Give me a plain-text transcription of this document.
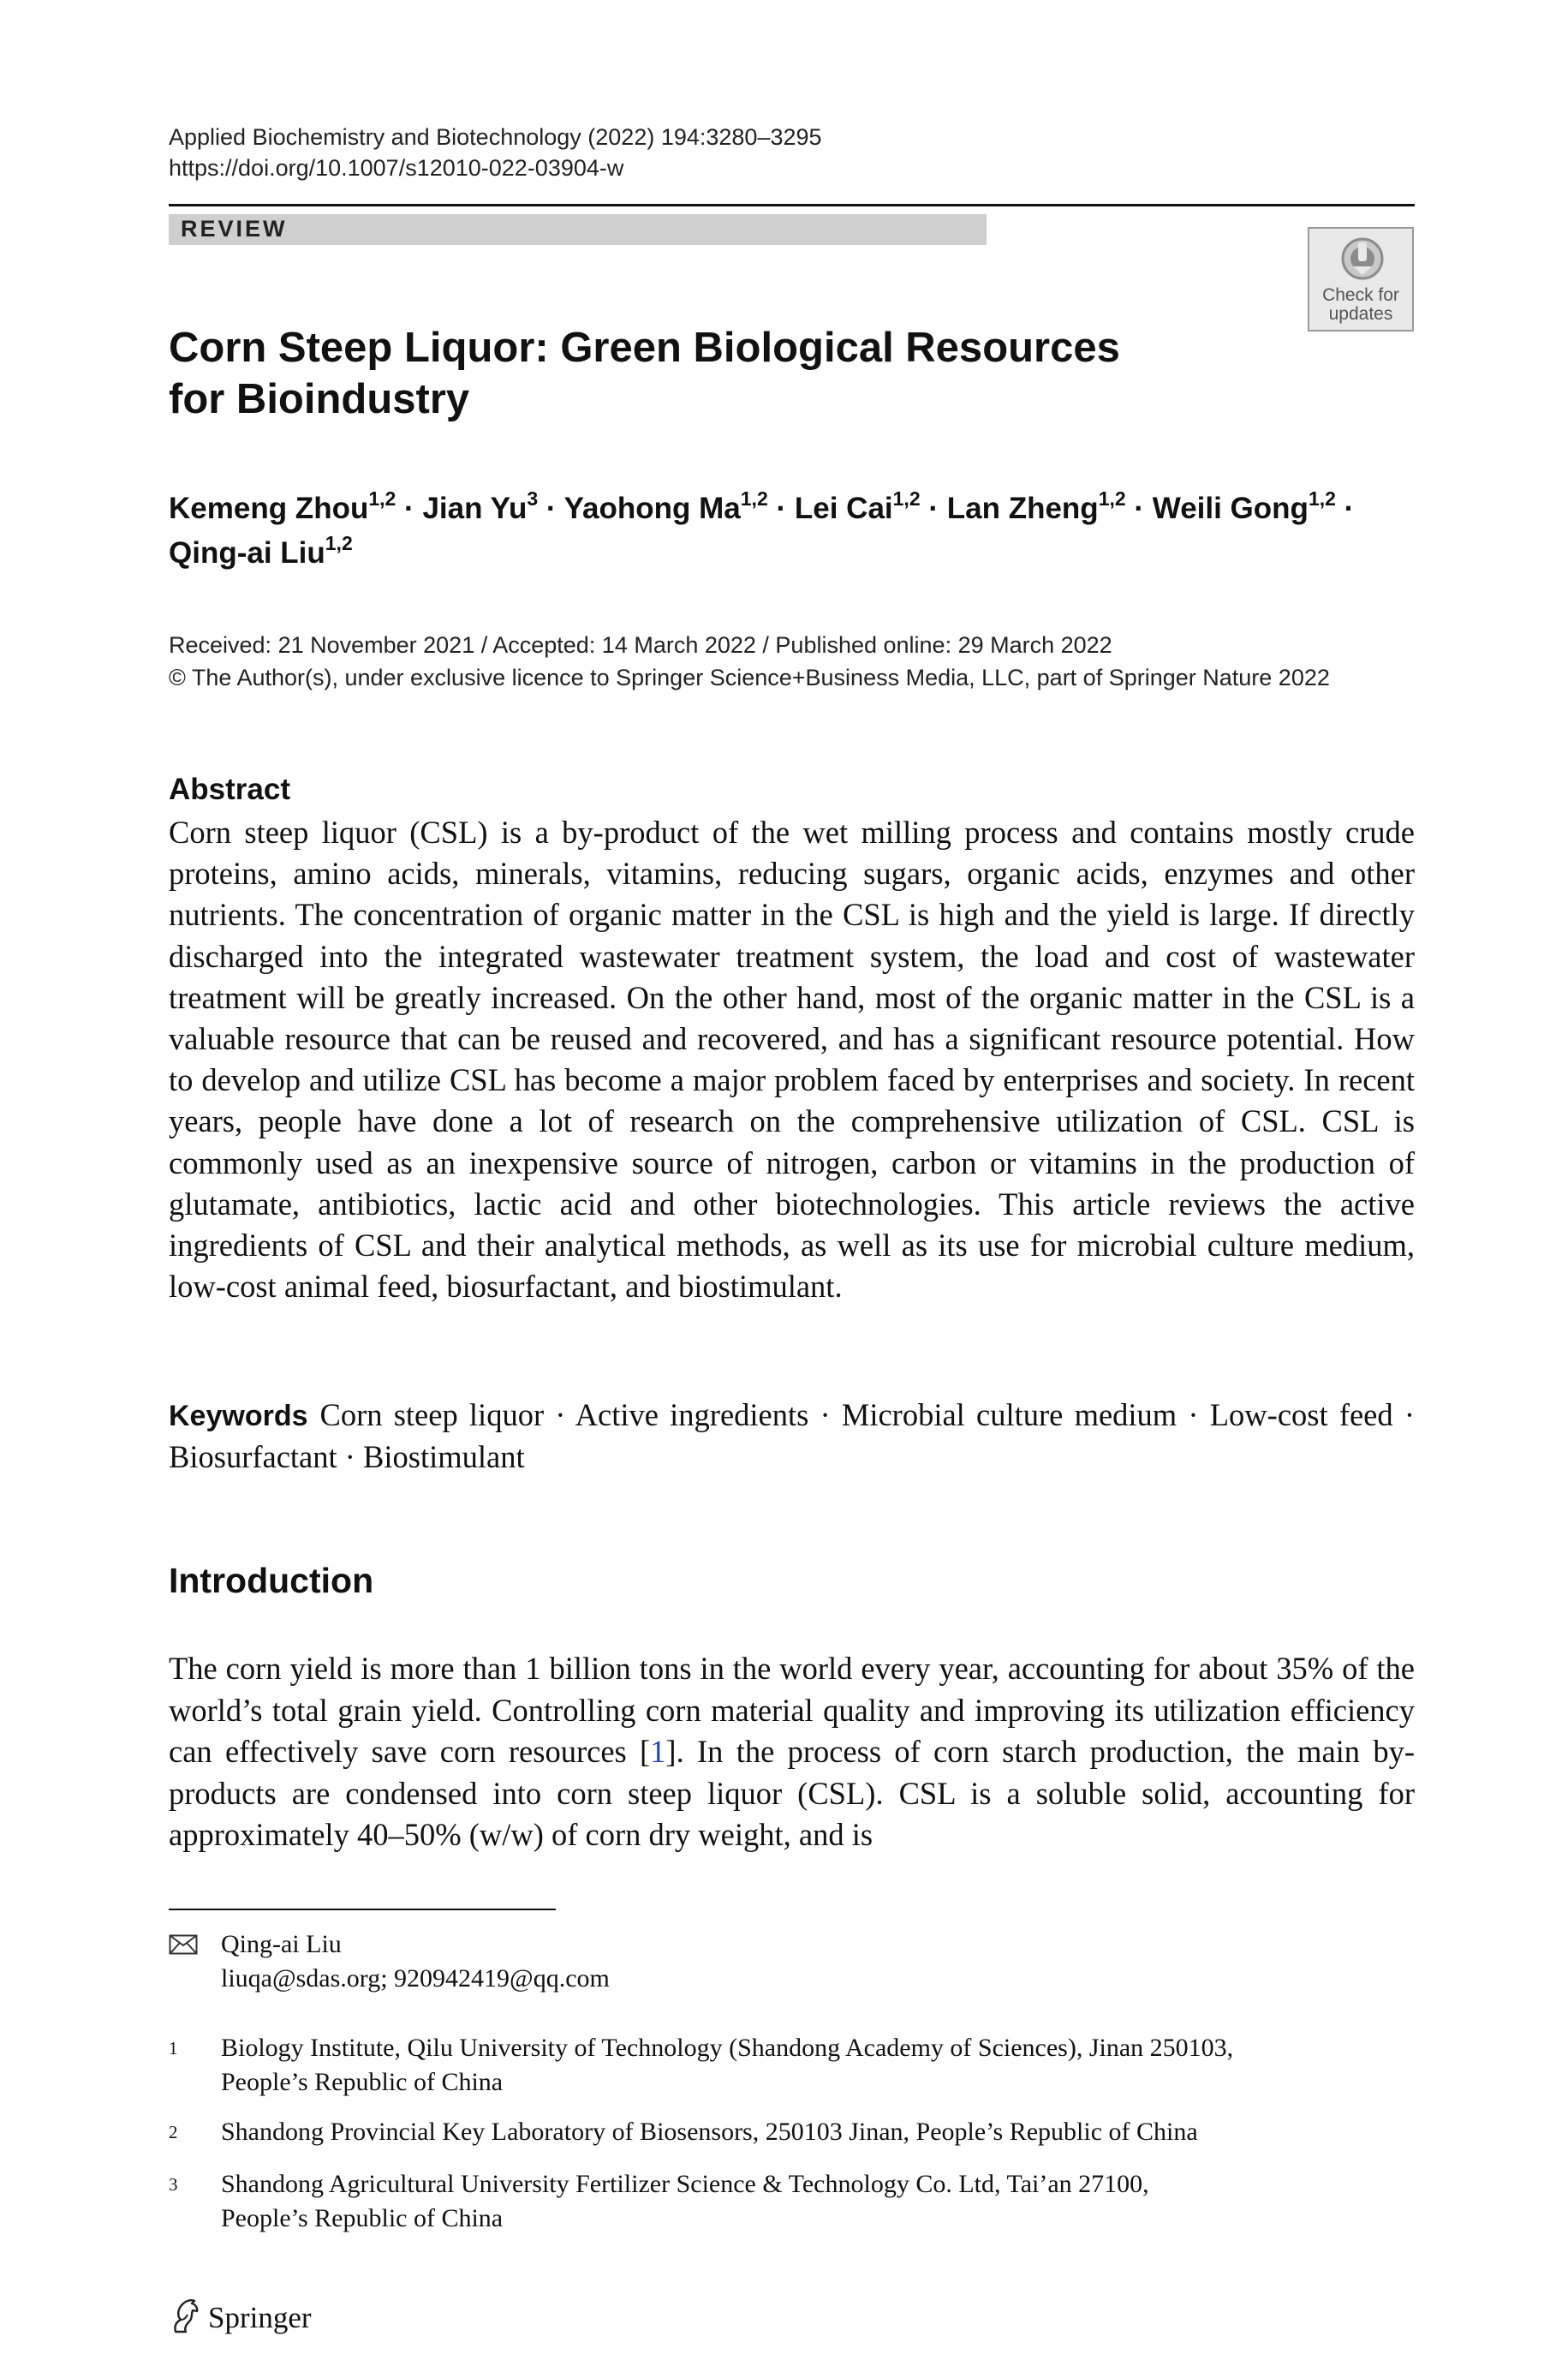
Applied Biochemistry and Biotechnology (2022) 194:3280–3295
https://doi.org/10.1007/s12010-022-03904-w
REVIEW
Check for
updates
Corn Steep Liquor: Green Biological Resources
for Bioindustry
Kemeng Zhou$^{1,2}$ · Jian $Yu^3$ · Yaohong Ma$^{1,2}$ · Lei Cai$^{1,2}$ · Lan Zheng$^{1,2}$ · Weili Gong$^{1,2}$ ·
Qing-ai Liu$^{1,2}$
Received: 21 November 2021 / Accepted: 14 March 2022 / Published online: 29 March 2022
© The Author(s), under exclusive licence to Springer Science+Business Media, LLC, part of Springer Nature 2022
Abstract
Corn steep liquor (CSL) is a by-product of the wet milling process and contains mostly crude proteins, amino acids, minerals, vitamins, reducing sugars, organic acids, enzymes and other nutrients. The concentration of organic matter in the CSL is high and the yield is large. If directly discharged into the integrated wastewater treatment system, the load and cost of wastewater treatment will be greatly increased. On the other hand, most of the organic matter in the CSL is a valuable resource that can be reused and recovered, and has a significant resource potential. How to develop and utilize CSL has become a major problem faced by enterprises and society. In recent years, people have done a lot of research on the comprehensive utilization of CSL. CSL is commonly used as an inexpensive source of nitrogen, carbon or vitamins in the production of glutamate, antibiotics, lactic acid and other biotechnologies. This article reviews the active ingredients of CSL and their analytical methods, as well as its use for microbial culture medium, low-cost animal feed, biosurfactant, and biostimulant.
Keywords Corn steep liquor · Active ingredients · Microbial culture medium · Low-cost feed · Biosurfactant · Biostimulant
Introduction
The corn yield is more than 1 billion tons in the world every year, accounting for about 35% of the world’s total grain yield. Controlling corn material quality and improving its utilization efficiency can effectively save corn resources [1]. In the process of corn starch production, the main by-products are condensed into corn steep liquor (CSL). CSL is a soluble solid, accounting for approximately 40–50% (w/w) of corn dry weight, and is
Qing-ai Liu
liuqa@sdas.org; 920942419@qq.com
1 Biology Institute, Qilu University of Technology (Shandong Academy of Sciences), Jinan 250103,
People’s Republic of China
2 Shandong Provincial Key Laboratory of Biosensors, 250103 Jinan, People’s Republic of China
3 Shandong Agricultural University Fertilizer Science & Technology Co. Ltd, Tai’an 27100,
People’s Republic of China
Springer
